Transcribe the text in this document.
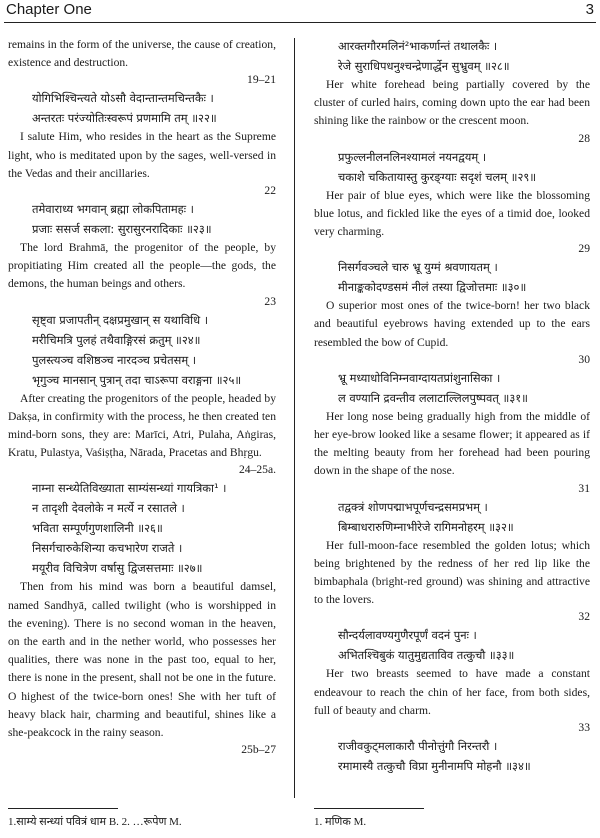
Chapter One	3

remains in the form of the universe, the cause of creation, existence and destruction.

19–21

योगिभिश्चिन्त्यते योऽसौ वेदान्तान्तमचिन्तकैः ।

अन्तरतः परंज्योतिःस्वरूपं प्रणमामि तम् ॥२२॥

I salute Him, who resides in the heart as the Supreme light, who is meditated upon by the sages, well-versed in the Vedas and their ancillaries.

22

तमेवाराध्य भगवान् ब्रह्मा लोकपितामहः ।

प्रजाः ससर्ज सकला: सुरासुरनरादिकाः ॥२३॥

The lord Brahmā, the progenitor of the people, by propitiating Him created all the people—the gods, the demons, the human beings and others.

23

सृष्ट्वा प्रजापतीन् दक्षप्रमुखान् स यथाविधि ।

मरीचिमत्रि पुलहं तथैवाङ्गिरसं क्रतुम् ॥२४॥

पुलस्त्यञ्च वशिष्ठञ्च नारदञ्च प्रचेतसम् ।

भृगुञ्च मानसान् पुत्रान् तदा चाऽरूपा वराङ्गना ॥२५॥

After creating the progenitors of the people, headed by Dakṣa, in confirmity with the process, he then created ten mind-born sons, they are: Marīci, Atri, Pulaha, Aṅgiras, Kratu, Pulastya, Vaśiṣṭha, Nārada, Pracetas and Bhṛgu.

24–25a.

नाम्ना सन्ध्येतिविख्याता साम्यंसन्ध्यां गायत्रिका¹ ।

न तादृशी देवलोके न मर्त्ये न रसातले ।

भविता सम्पूर्णगुणशालिनी ॥२६॥

निसर्गचारुकेशिन्या कचभारेण राजते ।

मयूरीव विचित्रेण वर्षासु द्विजसत्तमाः ॥२७॥

Then from his mind was born a beautiful damsel, named Sandhyā, called twilight (who is worshipped in the evening). There is no second woman in the heaven, on the earth and in the nether world, who possesses her qualities, there was none in the past too, equal to her, there is none in the present, shall not be one in the future. O highest of the twice-born ones! She with her tuft of heavy black hair, charming and beautiful, shines like a she-peakcock in the rainy season.

25b–27

आरक्तगौरमलिनं²भाकर्णान्तं तथालकैः ।

रेजे सुराधिपधनुश्चन्द्रेणार्द्धेन सुभ्रुवम् ॥२८॥

Her white forehead being partially covered by the cluster of curled hairs, coming down upto the ear had been shining like the rainbow or the crescent moon.

28

प्रफुल्लनीलनलिनश्यामलं नयनद्वयम् ।

चकाशे चकितायास्तु कुरङ्ग्याः सदृशं चलम् ॥२९॥

Her pair of blue eyes, which were like the blossoming blue lotus, and fickled like the eyes of a timid doe, looked very charming.

29

निसर्गवञ्चले चारु भ्रू युग्मं श्रवणायतम् ।

मीनाङ्ककोदण्डसमं नीलं तस्या द्विजोत्तमाः ॥३०॥

O superior most ones of the twice-born! her two black and beautiful eyebrows having extended up to the ears resembled the bow of Cupid.

30

भ्रू मध्याधोविनिम्नवाग्दायतप्रांशुनासिका ।

ल वण्यानि द्रवन्तीव ललाटाल्लिलपुष्पवत् ॥३१॥

Her long nose being gradually high from the middle of her eye-brow looked like a sesame flower; it appeared as if the melting beauty from her forehead had been pouring down in the shape of the nose.

31

तद्वक्त्रं शोणपद्माभपूर्णचन्द्रसमप्रभम् ।

बिम्बाधरारुणिम्नाभीरेजे रागिमनोहरम् ॥३२॥

Her full-moon-face resembled the golden lotus; which being brightened by the redness of her red lip like the bimbaphala (bright-red ground) was shining and attractive to the lovers.

32

सौन्दर्यलावण्यगुणैरपूर्णं वदनं पुनः ।

अभितश्चिबुकं यातुमुद्यताविव तत्कुचौ ॥३३॥

Her two breasts seemed to have made a constant endeavour to reach the chin of her face, from both sides, full of beauty and charm.

33

राजीवकुट्मलाकारौ पीनोत्तुंगौ निरन्तरौ ।

रमामास्यै तत्कुचौ विप्रा मुनीनामपि मोहनौ ॥३४॥

1.साम्ये सन्ध्यां पवित्रं धाम B. 2. …रूपेण M.	1. मणिक M.
